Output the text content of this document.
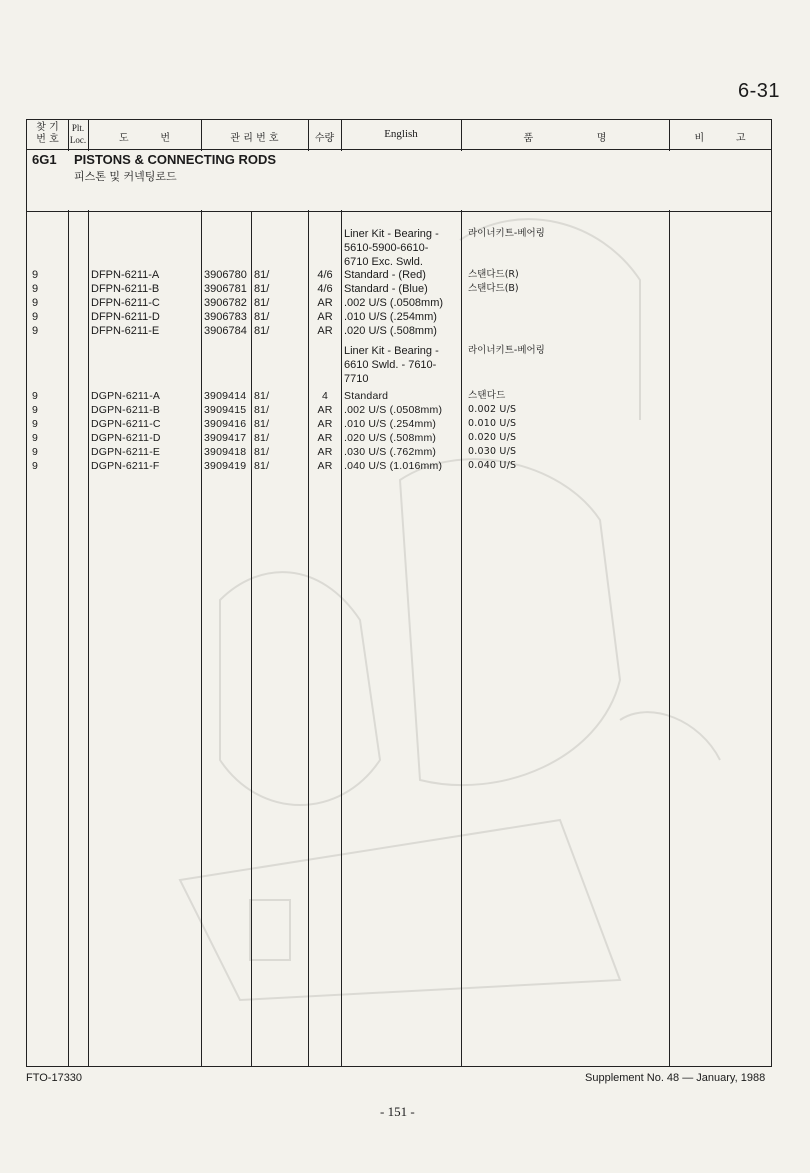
6-31
찾 기
번 호
Plt.
Loc.	도          번	관 리 번 호	수량	English	품                    명	비          고
6G1 PISTONS & CONNECTING RODS
피스톤 및 커넥팅로드
Liner Kit - Bearing -	라이너키트-베어링
5610-5900-6610-
6710 Exc. Swld.
9	DFPN-6211-A	3906780 81/	4/6	Standard - (Red)	스탠다드(R)
9	DFPN-6211-B	3906781 81/	4/6	Standard - (Blue)	스탠다드(B)
9	DFPN-6211-C	3906782 81/	AR	.002 U/S (.0508mm)
9	DFPN-6211-D	3906783 81/	AR	.010 U/S (.254mm)
9	DFPN-6211-E	3906784 81/	AR	.020 U/S (.508mm)
Liner Kit - Bearing -	라이너키트-베어링
6610 Swld. - 7610-
7710
9	DGPN-6211-A	3909414 81/	4	Standard	스탠다드
9	DGPN-6211-B	3909415 81/	AR	.002 U/S (.0508mm)	0.002 U/S
9	DGPN-6211-C	3909416 81/	AR	.010 U/S (.254mm)	0.010 U/S
9	DGPN-6211-D	3909417 81/	AR	.020 U/S (.508mm)	0.020 U/S
9	DGPN-6211-E	3909418 81/	AR	.030 U/S (.762mm)	0.030 U/S
9	DGPN-6211-F	3909419 81/	AR	.040 U/S (1.016mm)	0.040 U/S
FTO-17330	Supplement No. 48 — January, 1988
- 151 -
